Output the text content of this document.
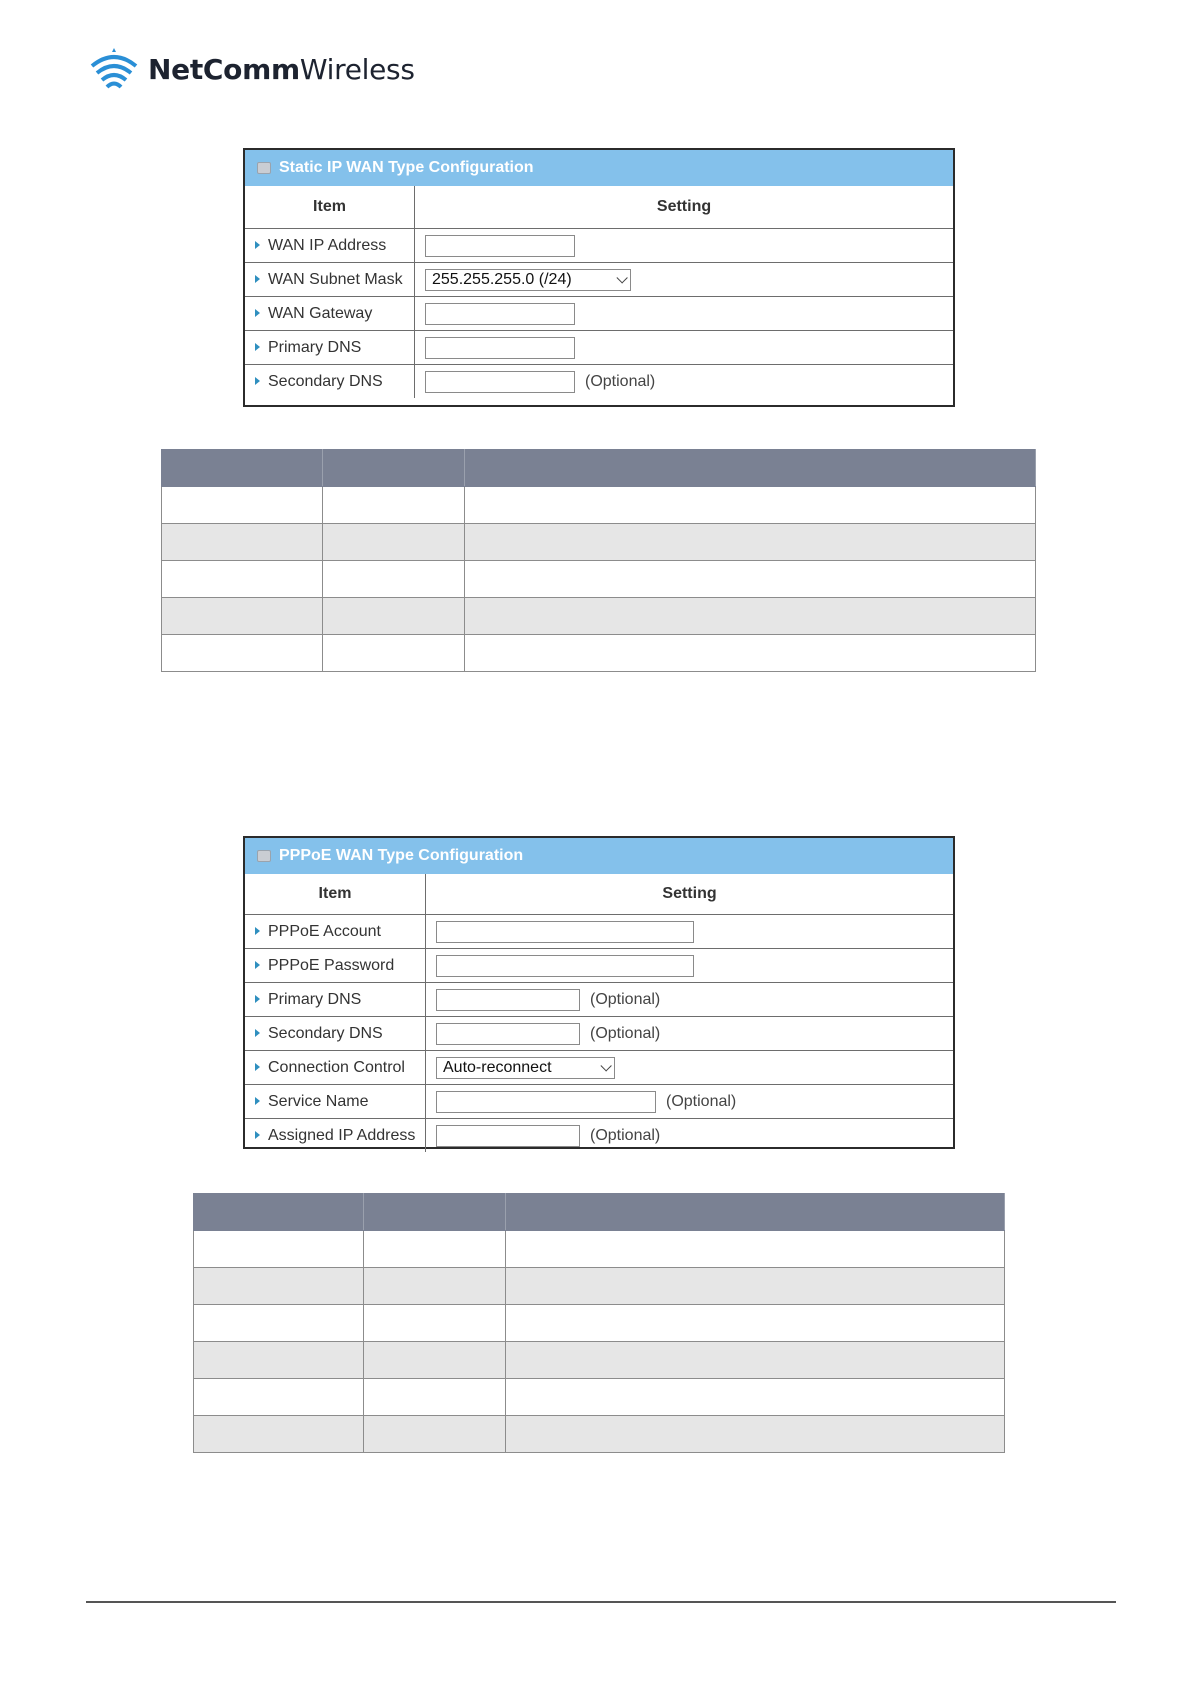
NetCommWireless
Static IP WAN Type Configuration
Item	Setting
WAN IP Address	
WAN Subnet Mask	255.255.255.0 (/24)

WAN Gateway	
Primary DNS	
Secondary DNS	(Optional)

PPPoE WAN Type Configuration
Item	Setting
PPPoE Account	
PPPoE Password	
Primary DNS	(Optional)
Secondary DNS	(Optional)
Connection Control	Auto-reconnect

Service Name	(Optional)
Assigned IP Address	(Optional)
